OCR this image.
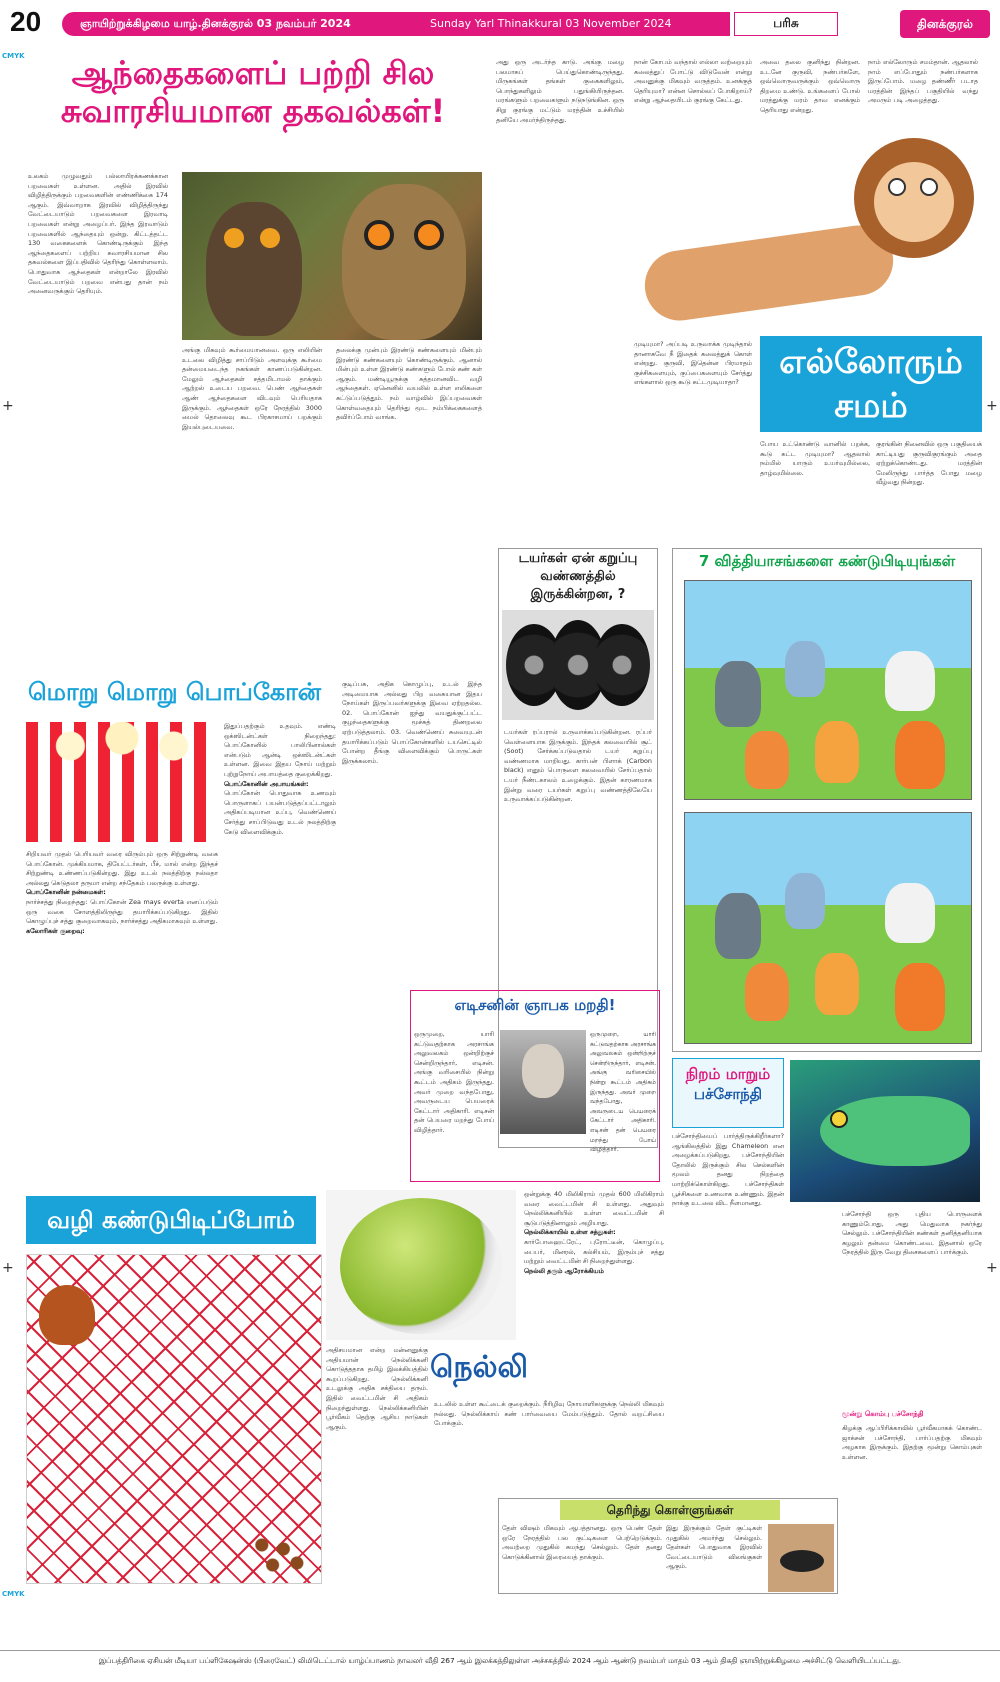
20	ஞாயிற்றுக்கிழமை யாழ்.தினக்குரல் 03 நவம்பர் 2024	Sunday Yarl Thinakkural 03 November 2024	பரிசு	தினக்குரல்
CMYK
CMYK
+
+
+
+
ஆந்தைகளைப் பற்றி சில
சுவாரசியமான தகவல்கள்!
உலகம் முழுவதும் பல்லாயிரக்கணக்கான பறவைகள் உள்ளன. அதில் இரவில் விழித்திருக்கும் பறவைகளின் எண்ணிக்கை 174 ஆகும். இவ்வாறாக இரவில் விழித்திருந்து வேட்டையாடும் பறவைகளை இரவாடி பறவைகள் என்று அழைப்பர். இந்த இரவாடும் பறவைகளில் ஆந்தையும் ஒன்று. கிட்டத்தட்ட 130 வகைகளைக் கொண்டிருக்கும் இந்த ஆந்தைகளைப் பற்றிய சுவாரசியமான சில தகவல்களை இப்பதிவில் தெரிந்து கொள்ளலாம். பொதுவாக ஆந்தைகள் என்றாலே இரவில் வேட்டையாடும் பறவை என்பது தான் நம் அனைவருக்கும் தெரியும்.
அங்கு மிகவும் கூர்மையானவை. ஒரு எலியின் உடலை விழித்து சாப்பிடும் அளவுக்கு கூர்மை தன்மையடைந்த நகங்கள் காணப்படுகின்றன. மேலும் ஆந்தைகள் சத்தமிடாமல் தாக்கும் ஆற்றல் உடைய பறவை. பெண் ஆந்தைகள் ஆண் ஆந்தைகளை விடவும் பெரியதாக இருக்கும். ஆந்தைகள் ஒரே நேரத்தில் 3000 மைல் தொலைவு கூட பிரகாசமாய் பறக்கும் இயல்புடையவை.
தலைக்கு முன்பும் இரண்டு கண்களையும் மின்பும் இரண்டு கண்களையும் கொண்டிருக்கும். ஆனால் மின்பும் உள்ள இரண்டு கண்களும் போல் கண் கள் ஆகும். மண்டியூருக்கு சுத்தமானவிட வழி ஆந்தைகள். ஏனெனில் வயலில் உள்ள எலிகளை கட்டுப்படுத்தும். நம் வாழ்வில் இப்பறவைகள் கொள்வதையும் தெரிந்து மூட நம்பிக்கைகளைத் தவிர்ப்போம் வாங்க.
அது ஒரு அடர்ந்த காடு. அங்கு மழை பலமாகப் பெய்துகொண்டிருந்தது. மிருகங்கள் தங்கள் குகைகளிலும், பொந்துகளிலும் பதுங்கியிருந்தன. மரங்களும் பறவைகளும் நடுநடுங்கின. ஒரு சிறு குரங்கு மட்டும் மரத்தின் உச்சியில் தனியே அமர்ந்திருந்தது.
நான் கோபம் வந்தால் எல்லா வற்றையும் கலைத்துப் போட்டு விடுவேன் என்று அவனுக்கு மிகவும் வருத்தம். உனக்குத் தெரியுமா? என்ன சொல்லப் போகிறாய்? என்று ஆந்தையிடம் குரங்கு கேட்டது.
அவை தலை குனிந்து நின்றன. உடனே குருவி, நண்பர்களே, ஒவ்வொருவருக்கும் ஒவ்வொரு திறமை உண்டு. உங்களைப் போல் மரத்துக்கு மரம் தாவ எனக்கும் தெரியாது என்றது.
நாம் எல்லோரும் சமம்தான். ஆதலால் நாம் எப்போதும் நண்பர்களாக இருப்போம். மழை தண்ணீர் படாத மரத்தின் இந்தப் பகுதியில் வந்து அமரும் படி அழைத்தது.
முடியுமா? அப்படி உருவாக்க முடிந்தால் தானாகவே நீ இதைக் கலைத்துக் கொள் என்றது. குருவி, இதென்ன பிரமாதம் குச்சிகளையும், குப்பைகளையும் சேர்த்து எங்களால் ஒரு கூடு கட்டமுடியாதா?
எல்லோரும் சமம்
போய உட்கொண்டு வானில் பறக்க, கூடு கட்ட முடியுமா? ஆதலால் நம்மில் யாரும் உயர்வுமில்லை, தாழ்வுமில்லை.
குரங்கின் நினைவில் ஒரு பகுதியைக் காட்டியது குருவிகுரங்கும் அதை ஏற்றுக்கொண்டது. மரத்தின் மேலிருந்து பார்த்த போது மழை வீழ்வது நின்றது.
டயர்கள் ஏன் கறுப்பு வண்ணத்தில் இருக்கின்றன, ?
டயர்கள் ரப்பரால் உருவாக்கப்படுகின்றன. ரப்பர் வெள்ளையாக இருக்கும். இந்தக் கலவையில் சூட் (Soot) சேர்க்கப்படுவதால் டயர் கறுப்பு வண்ணமாக மாறியது. கார்பன் பிளாக் (Carbon black) எனும் பொருளை கலவையில் சேர்ப்பதால் டயர் நீண்டகாலம் உழைக்கும். இதன் காரணமாக இன்று வரை டயர்கள் கறுப்பு வண்ணத்திலேயே உருவாக்கப்படுகின்றன.
7 வித்தியாசங்களை கண்டுபிடியுங்கள்
மொறு மொறு பொப்கோன்
இதுப்பதற்கும் உதவும். எண்டி ஒக்ஸிடன்ட்கள் நிறைந்தது: பொப்கோனில் பாலிபினால்கள் என்படும் ஆன்டி ஒக்ஸிடன்ட்கள் உள்ளன. இவை இதய நோய் மற்றும் புற்றுநோய் அபாயத்தை குறைக்கிறது.
பொப்கோனின் அபாயங்கள்:
பொப்கோன் பொதுவாக உணவும் பொருளாகப் பயன்படுத்தப்பட்டாலும் அதிகப்படியான உப்பு, வெண்ணெய் சேர்த்து சாப்பிடுவது உடல் நலத்திற்கு கேடு விளைவிக்கும்.
சிறியவர் முதல் பெரியவர் வரை விரும்பும் ஒரு சிற்றுண்டி வகை பொப்கோன். முக்கியமாக, தியேட்டர்கள், பீச், மால் என்ற இந்தச் சிற்றுண்டி உண்ணப்படுகின்றது. இது உடல் நலத்திற்கு நல்லதா அல்லது கெடுதலா தருமா என்ற சந்தேகம் பலருக்கு உள்ளது.
பொப்கோனின் நன்மைகள்:
நார்ச்சத்து நிறைந்தது: பொப்கோன் Zea mays everta எனப்படும் ஒரு வகை சோளத்திலிருந்து தயாரிக்கப்படுகிறது. இதில் கொழுப்புச் சத்து குறைவாகவும், நார்ச்சத்து அதிகமாகவும் உள்ளது.
கலோரிகள் குறைவு:
குடிப்பசு, அதிக கொழுப்பு, உடல் இந்த அடிமையாக அல்லது பிற வகையான இதய நோய்கள் இருப்பவர்களுக்கு இவை ஏற்றதல்ல. 02. பொப்கோன் ஐந்து வயதுக்குட்பட்ட குழந்தைகளுக்கு மூச்சுத் திணறலை ஏற்படுத்தலாம். 03. வெண்ணெய் சுவையுடன் தயாரிக்கப்படும் பொப்கோன்களில் டயசெட்டில் போன்ற தீங்கு விளைவிக்கும் பொருட்கள் இருக்கலாம்.
எடிசனின் ஞாபக மறதி!
ஒருமுறை, யாரி கட்டுவதற்காக அரசாங்க அலுவலகம் ஒன்றிற்குச் சென்றிருந்தார், எடிசன். அங்கு வரிசையில் நின்று கூட்டம் அதிகம் இருந்தது. அவர் முறை வந்தபோது, அவருடைய பெயரைக் கேட்டார் அதிகாரி. எடிசன் தன் பெயரை மறந்து போய் விழித்தார்.
ஒருமுறை, யாரி கட்டுவதற்காக அரசாங்க அலுவலகம் ஒன்றிற்குச் சென்றிருந்தார், எடிசன். அங்கு வரிசையில் நின்று கூட்டம் அதிகம் இருந்தது. அவர் முறை வந்தபோது, அவருடைய பெயரைக் கேட்டார் அதிகாரி. எடிசன் தன் பெயரை மறந்து போய் விழித்தார்.
நிறம் மாறும்
பச்சோந்தி
பச்சோந்தியைப் பார்த்திருக்கிறீர்களா? ஆங்கிலத்தில் இது Chameleon என அழைக்கப்படுகிறது. பச்சோந்தியின் தோலில் இருக்கும் சில செல்களின் மூலம் தனது நிறத்தை மாற்றிக்கொள்கிறது. பச்சோந்திகள் பூச்சிகளை உணவாக உண்ணும். இதன் நாக்கு உடலை விட நீளமானது.
பச்சோந்தி ஒரு புதிய பொருளைக் காணும்போது, அது மெதுவாக நகர்ந்து செல்லும். பச்சோந்தியின் கண்கள் தனித்தனியாக சுழலும் தன்மை கொண்டவை. இதனால் ஒரே நேரத்தில் இரு வேறு திசைகளைப் பார்க்கும்.
மூன்று கொம்பு பச்சோந்தி
கிழக்கு ஆப்பிரிக்காவில் பூர்வீகமாகக் கொண்ட ஜாக்சன் பச்சோந்தி, பார்ப்பதற்கு மிகவும் அழகாக இருக்கும். இதற்கு மூன்று கொம்புகள் உள்ளன.
வழி கண்டுபிடிப்போம்
அதிசயமான என்ற மன்னனுக்கு அதியமான் நெல்லிக்கனி கொடுத்ததாக தமிழ் இலக்கியத்தில் கூறப்படுகிறது. நெல்லிக்கனி உடலுக்கு அதிக சக்தியை தரும். இதில் வைட்டமின் சி அதிகம் நிறைந்துள்ளது. நெல்லிக்கனியின் பூர்வீகம் தெற்கு ஆசிய நாடுகள் ஆகும்.
நெல்லி
ஒன்றுக்கு 40 மிலிகிராம் முதல் 600 மிலிகிராம் வரை வைட்டமின் சி உள்ளது. அதுவும் நெல்லிக்கனியில் உள்ள வைட்டமின் சி சூடுபடுத்தினாலும் அழியாது.
நெல்லிக்காயில் உள்ள சத்துகள்:
கார்போஹைட்ரேட், புரோட்டீன், கொழுப்பு, பைபர், மினரல், கல்சியம், இரும்புச் சத்து மற்றும் வைட்டமின் சி நிறைந்துள்ளது.
நெல்லி தரும் ஆரோக்கியம்
உடலில் உள்ள கூட்டைக் குறைக்கும். நீரிழிவு நோயாளிகளுக்கு நெல்லி மிகவும் நல்லது. நெல்லிக்காய் கண் பார்வையை மேம்படுத்தும். தோல் வறட்சியை போக்கும்.
தெரிந்து கொள்ளுங்கள்
தேள் விஷம் மிகவும் ஆபத்தானது. ஒரு பெண் தேள் ஒரே நேரத்தில் பல குட்டிகளை பெற்றெடுக்கும். அவற்றை முதுகில் சுமந்து செல்லும். தேள் தனது கொடுக்கினால் இரையைத் தாக்கும்.
இது இருக்கும் தேள் குட்டிகள் முதுகில் அமர்ந்து செல்லும். தேள்கள் பொதுவாக இரவில் வேட்டையாடும் விலங்குகள் ஆகும்.
இப்பத்திரிகை ஏசியன் மீடியா பப்ளிகேஷன்ஸ் (பிரைவேட்) லிமிடெட்டால் யாழ்ப்பாணம் நாவலர் வீதி 267 ஆம் இலக்கத்திலுள்ள அச்சகத்தில் 2024 ஆம் ஆண்டு நவம்பர் மாதம் 03 ஆம் திகதி ஞாயிற்றுக்கிழமை அச்சிட்டு வெளியிடப்பட்டது.
